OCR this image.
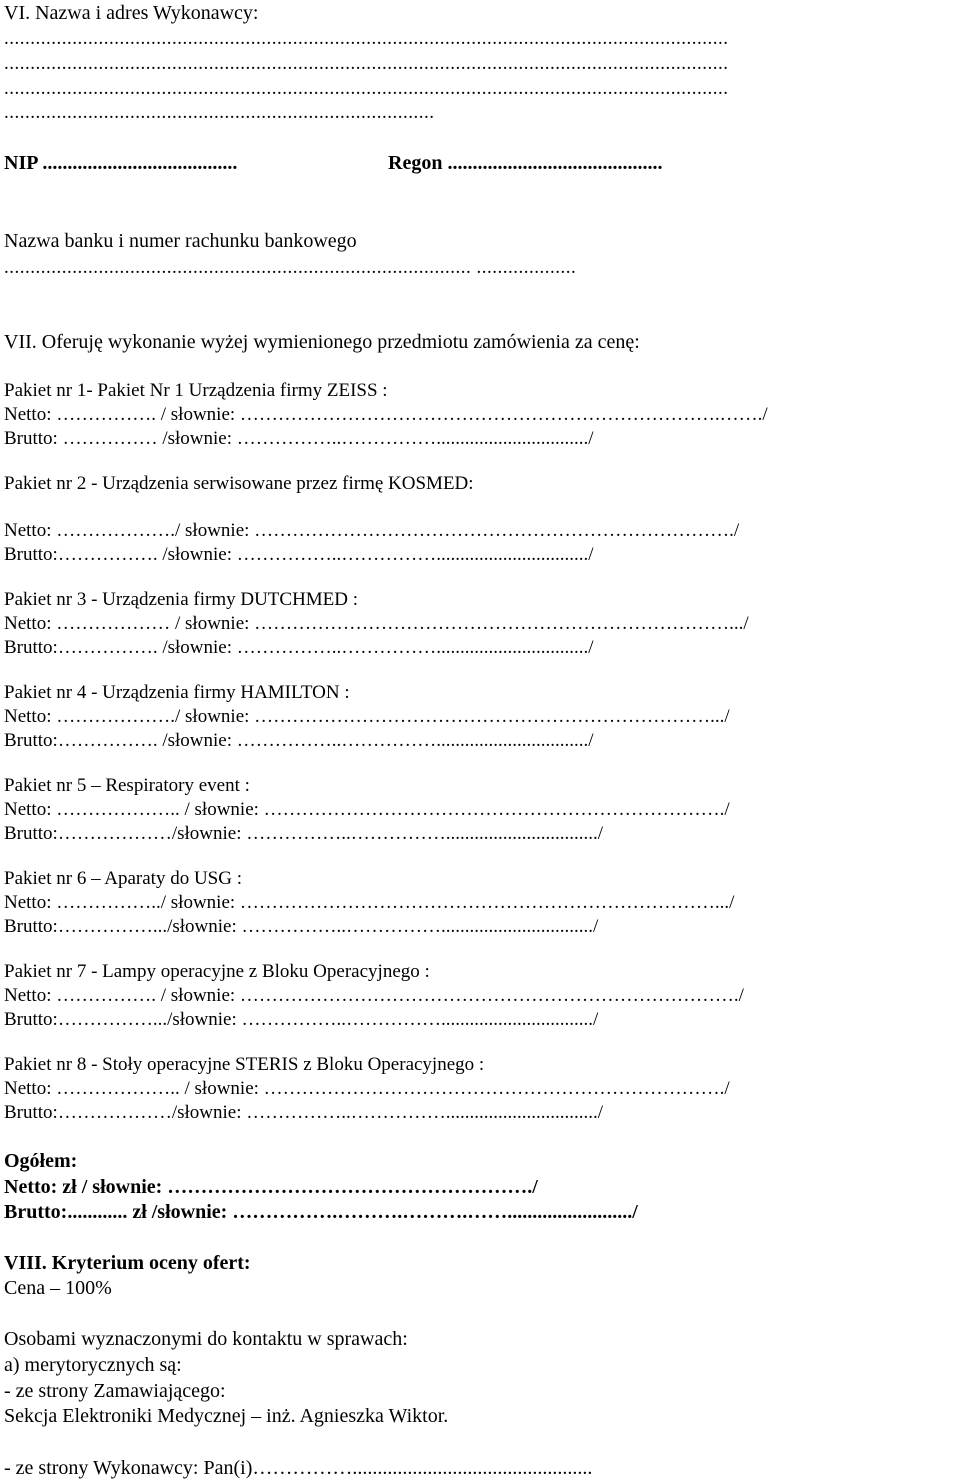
VI. Nazwa i adres Wykonawcy:
..........................................................................................................................................
..........................................................................................................................................
..........................................................................................................................................
..................................................................................
NIP .......................................	Regon ...........................................
Nazwa banku i numer rachunku bankowego
......................................................................................... ...................
VII. Oferuję wykonanie wyżej wymienionego przedmiotu zamówienia za cenę:
Pakiet nr 1- Pakiet Nr 1 Urządzenia firmy ZEISS :
Netto: ……………. / słownie: ………………………………………………………………….……./
Brutto: …………… /słownie: ……………..……………................................/
Pakiet nr 2 - Urządzenia serwisowane przez firmę KOSMED:
Netto: ………………./ słownie: …………………………………………………………………./
Brutto:……………. /słownie: ……………..……………................................/
Pakiet nr 3 - Urządzenia firmy DUTCHMED :
Netto: ……………… / słownie: ………………………………………………………………….../
Brutto:……………. /słownie: ……………..……………................................/
Pakiet nr 4 - Urządzenia firmy HAMILTON :
Netto: ………………./ słownie: ……………………………………………………………….../
Brutto:……………. /słownie: ……………..……………................................/
Pakiet nr 5 – Respiratory event :
Netto: ……………….. / słownie: ………………………………………………………………./
Brutto:………………/słownie: ……………..……………................................/
Pakiet nr 6 – Aparaty do USG :
Netto: ……………../ słownie: ………………………………………………………………….../
Brutto:…………….../słownie: ……………..……………................................/
Pakiet nr 7 - Lampy operacyjne z Bloku Operacyjnego :
Netto: ……………. / słownie: ……………………………………………………………………./
Brutto:…………….../słownie: ……………..……………................................/
Pakiet nr 8 - Stoły operacyjne STERIS z Bloku Operacyjnego :
Netto: ……………….. / słownie: ………………………………………………………………./
Brutto:………………/słownie: ……………..……………................................/
Ogółem:
Netto: zł / słownie: ………………………………………………./
Brutto:............ zł /słownie: …………….……….……….……........................./
VIII. Kryterium oceny ofert:
Cena – 100%
Osobami wyznaczonymi do kontaktu w sprawach:
a) merytorycznych są:
- ze strony Zamawiającego:
Sekcja Elektroniki Medycznej – inż. Agnieszka Wiktor.
- ze strony Wykonawcy: Pan(i)……………................................................
